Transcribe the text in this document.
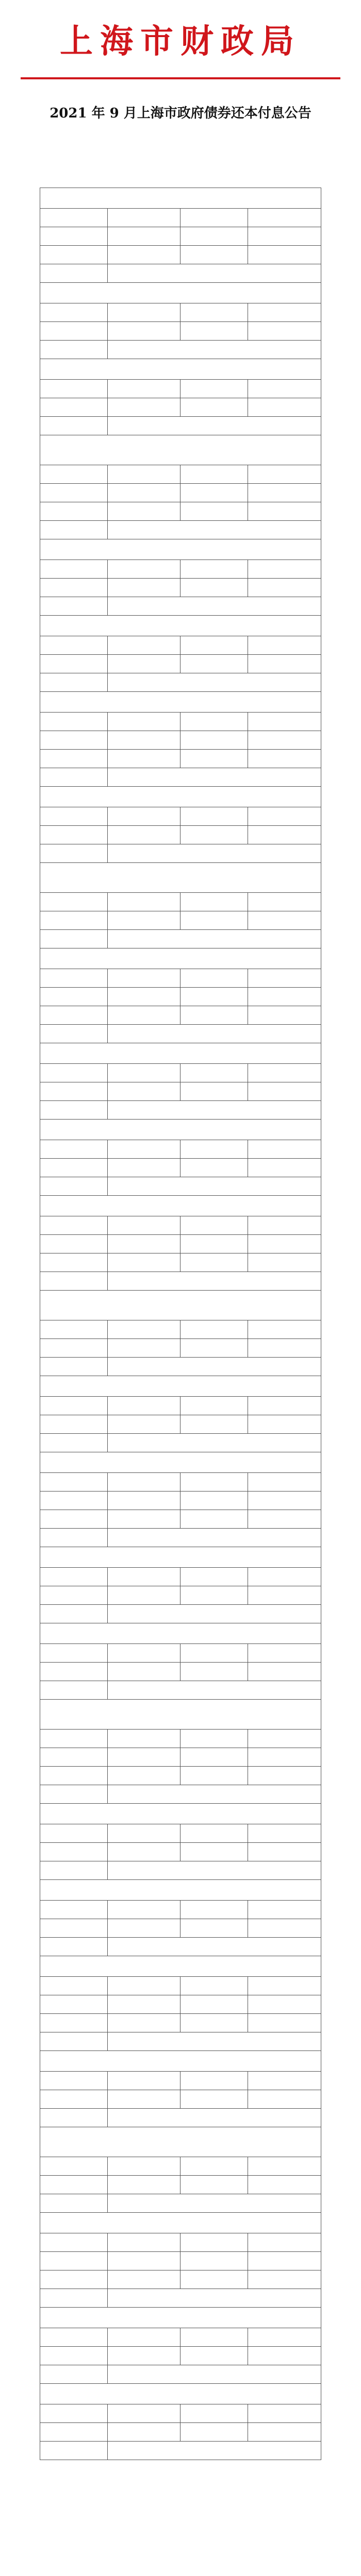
上海市财政局
2021 年 9 月上海市政府债券还本付息公告
